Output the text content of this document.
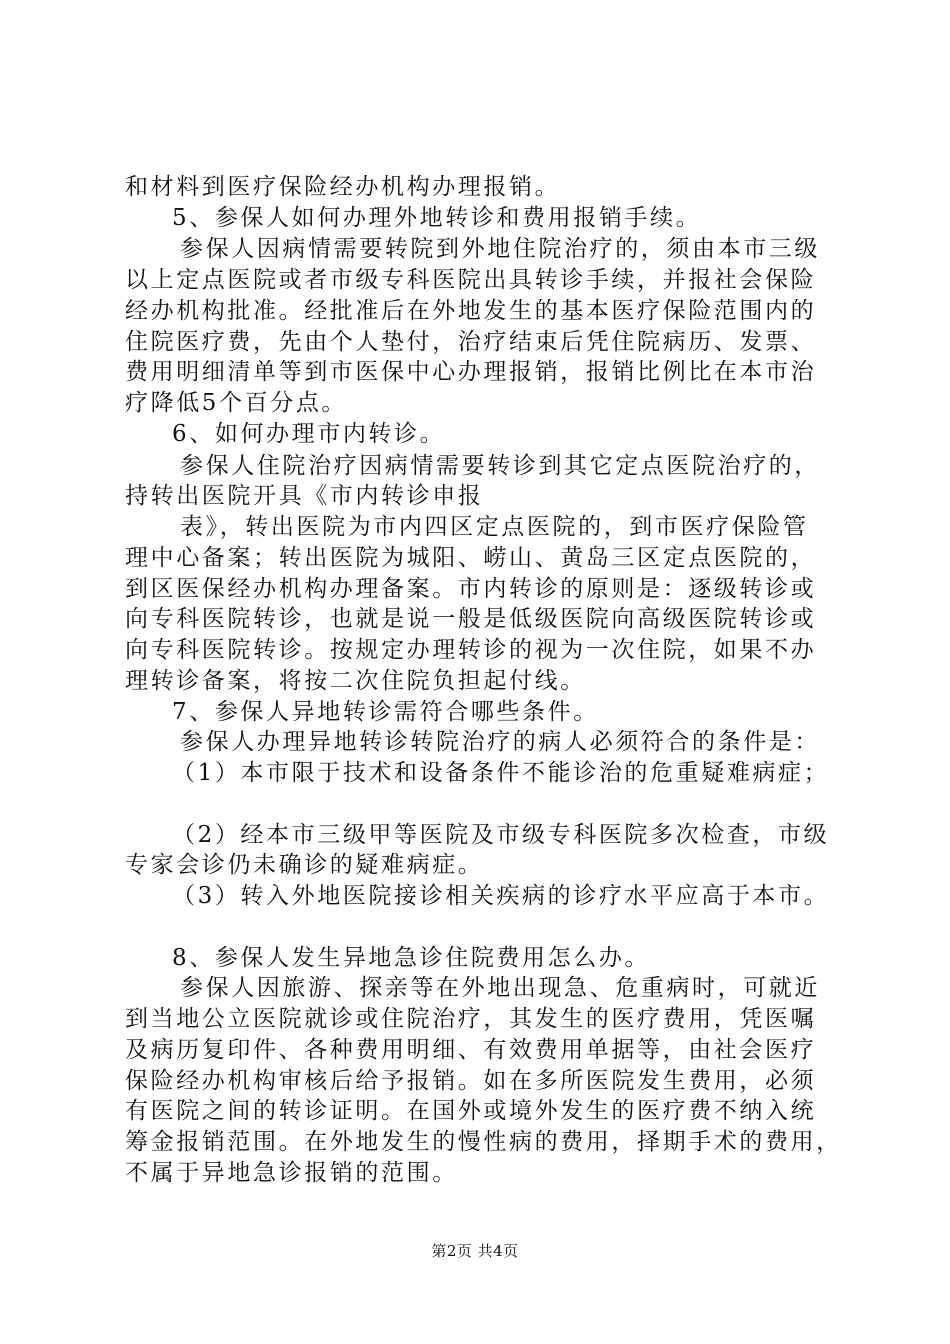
和材料到医疗保险经办机构办理报销。
5、参保人如何办理外地转诊和费用报销手续。
参保人因病情需要转院到外地住院治疗的，须由本市三级
以上定点医院或者市级专科医院出具转诊手续，并报社会保险
经办机构批准。经批准后在外地发生的基本医疗保险范围内的
住院医疗费，先由个人垫付，治疗结束后凭住院病历、发票、
费用明细清单等到市医保中心办理报销，报销比例比在本市治
疗降低5个百分点。
6、如何办理市内转诊。
参保人住院治疗因病情需要转诊到其它定点医院治疗的，
持转出医院开具《市内转诊申报
表》，转出医院为市内四区定点医院的，到市医疗保险管
理中心备案；转出医院为城阳、崂山、黄岛三区定点医院的，
到区医保经办机构办理备案。市内转诊的原则是：逐级转诊或
向专科医院转诊，也就是说一般是低级医院向高级医院转诊或
向专科医院转诊。按规定办理转诊的视为一次住院，如果不办
理转诊备案，将按二次住院负担起付线。
7、参保人异地转诊需符合哪些条件。
参保人办理异地转诊转院治疗的病人必须符合的条件是：
（1）本市限于技术和设备条件不能诊治的危重疑难病症；
（2）经本市三级甲等医院及市级专科医院多次检查，市级
专家会诊仍未确诊的疑难病症。
（3）转入外地医院接诊相关疾病的诊疗水平应高于本市。
8、参保人发生异地急诊住院费用怎么办。
参保人因旅游、探亲等在外地出现急、危重病时，可就近
到当地公立医院就诊或住院治疗，其发生的医疗费用，凭医嘱
及病历复印件、各种费用明细、有效费用单据等，由社会医疗
保险经办机构审核后给予报销。如在多所医院发生费用，必须
有医院之间的转诊证明。在国外或境外发生的医疗费不纳入统
筹金报销范围。在外地发生的慢性病的费用，择期手术的费用，
不属于异地急诊报销的范围。
第2页 共4页
